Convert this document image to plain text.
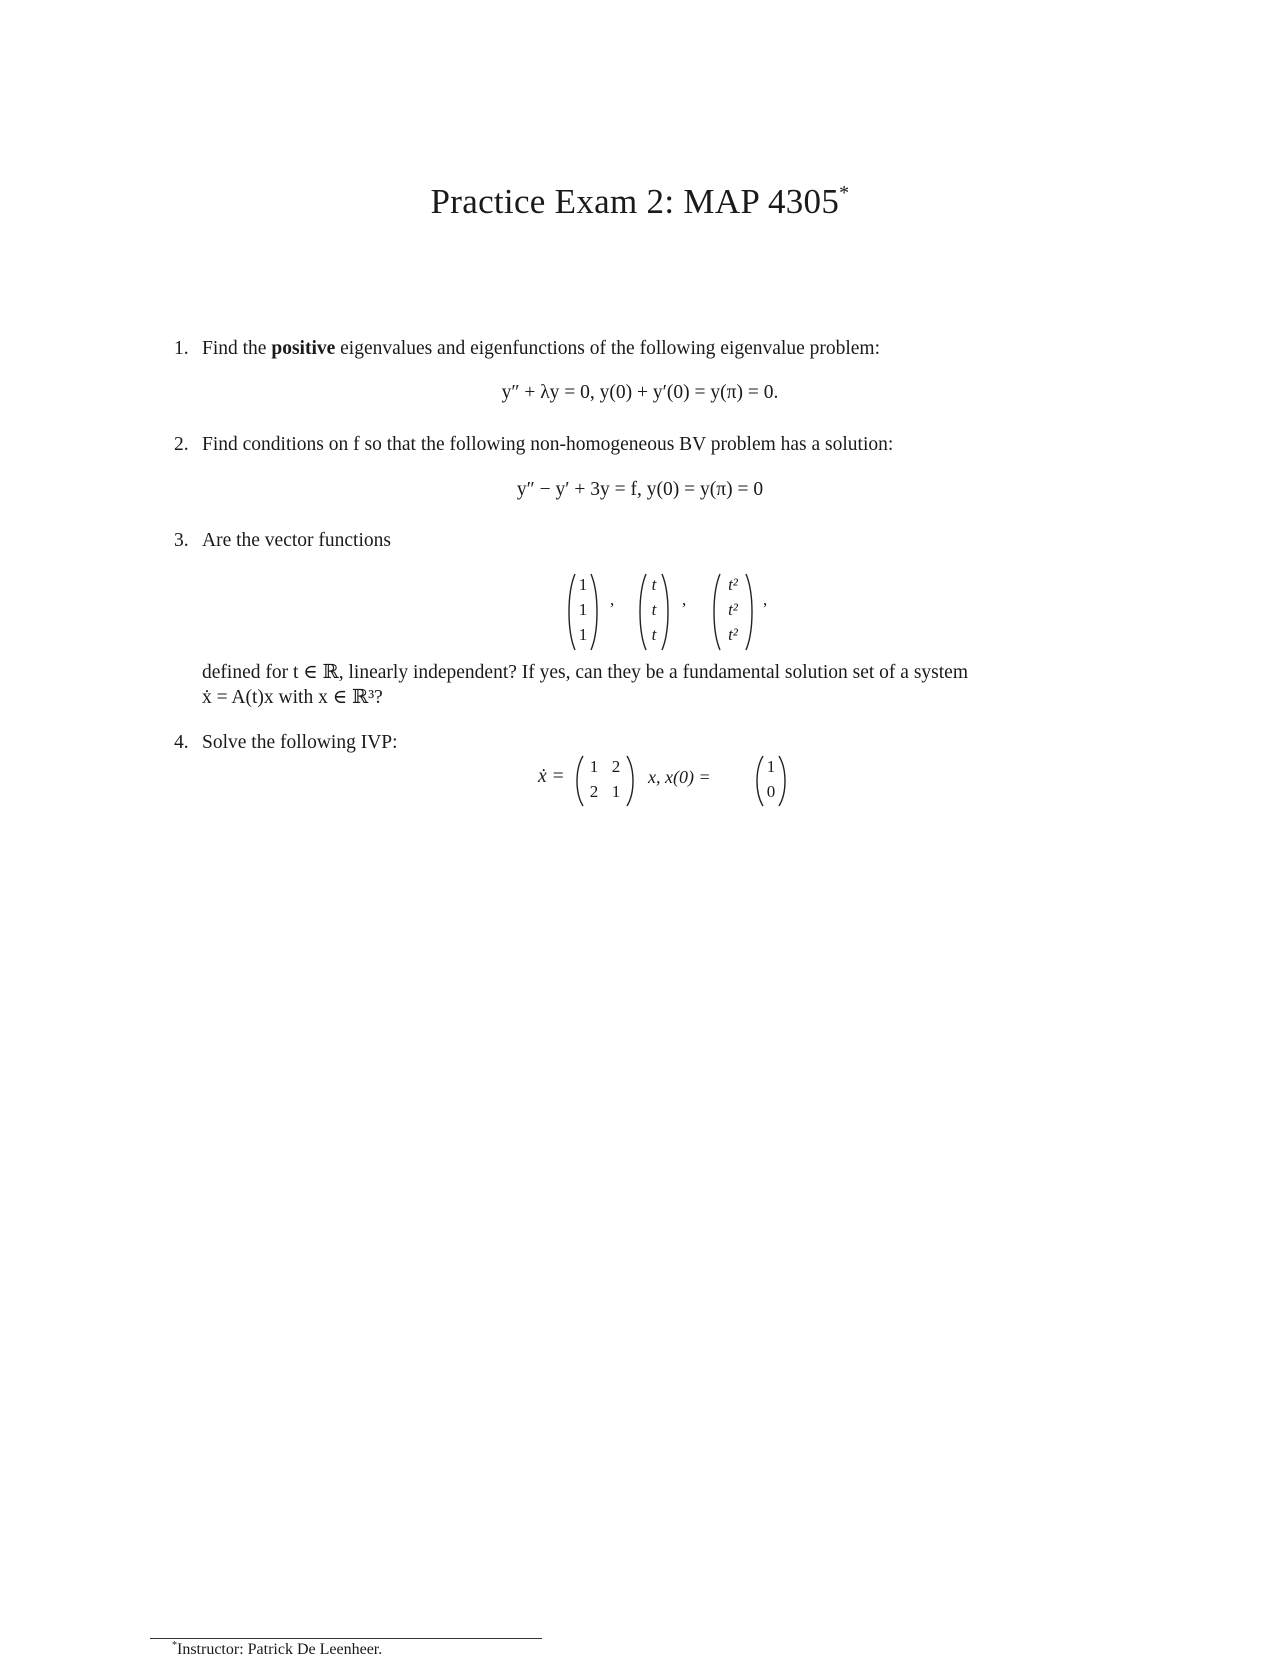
Practice Exam 2: MAP 4305*
1. Find the positive eigenvalues and eigenfunctions of the following eigenvalue problem:
y″ + λy = 0, y(0) + y′(0) = y(π) = 0.
2. Find conditions on f so that the following non-homogeneous BV problem has a solution:
y″ − y′ + 3y = f, y(0) = y(π) = 0
3. Are the vector functions
1
1
1
,
t
t
t
,
t²
t²
t²
,
defined for t ∈ ℝ, linearly independent? If yes, can they be a fundamental solution set of a system
ẋ = A(t)x with x ∈ ℝ³?
4. Solve the following IVP:
ẋ =	1 2
2 1
x, x(0) =
1
0
*Instructor: Patrick De Leenheer.
